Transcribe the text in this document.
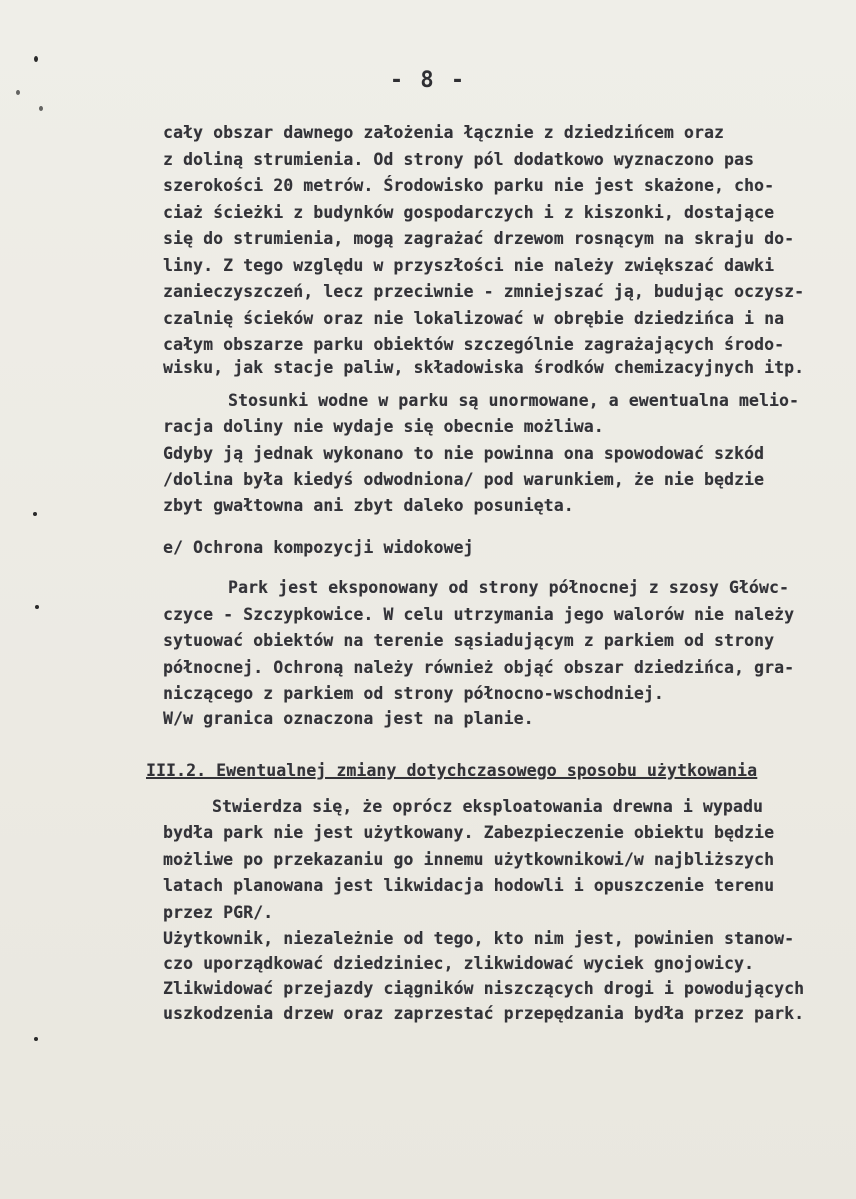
- 8 -
cały obszar dawnego założenia łącznie z dziedzińcem oraz
z doliną strumienia. Od strony pól dodatkowo wyznaczono pas
szerokości 20 metrów. Środowisko parku nie jest skażone, cho-
ciaż ścieżki z budynków gospodarczych i z kiszonki, dostające
się do strumienia, mogą zagrażać drzewom rosnącym na skraju do-
liny. Z tego względu w przyszłości nie należy zwiększać dawki
zanieczyszczeń, lecz przeciwnie - zmniejszać ją, budując oczysz-
czalnię ścieków oraz nie lokalizować w obrębie dziedzińca i na
całym obszarze parku obiektów szczególnie zagrażających środo-
wisku, jak stacje paliw, składowiska środków chemizacyjnych itp.
Stosunki wodne w parku są unormowane, a ewentualna melio-
racja doliny nie wydaje się obecnie możliwa.
Gdyby ją jednak wykonano to nie powinna ona spowodować szkód
/dolina była kiedyś odwodniona/ pod warunkiem, że nie będzie
zbyt gwałtowna ani zbyt daleko posunięta.
e/ Ochrona kompozycji widokowej
Park jest eksponowany od strony północnej z szosy Główc-
czyce - Szczypkowice. W celu utrzymania jego walorów nie należy
sytuować obiektów na terenie sąsiadującym z parkiem od strony
północnej. Ochroną należy również objąć obszar dziedzińca, gra-
niczącego z parkiem od strony północno-wschodniej.
W/w granica oznaczona jest na planie.
III.2. Ewentualnej zmiany dotychczasowego sposobu użytkowania
Stwierdza się, że oprócz eksploatowania drewna i wypadu
bydła park nie jest użytkowany. Zabezpieczenie obiektu będzie
możliwe po przekazaniu go innemu użytkownikowi/w najbliższych
latach planowana jest likwidacja hodowli i opuszczenie terenu
przez PGR/.
Użytkownik, niezależnie od tego, kto nim jest, powinien stanow-
czo uporządkować dziedziniec, zlikwidować wyciek gnojowicy.
Zlikwidować przejazdy ciągników niszczących drogi i powodujących
uszkodzenia drzew oraz zaprzestać przepędzania bydła przez park.
